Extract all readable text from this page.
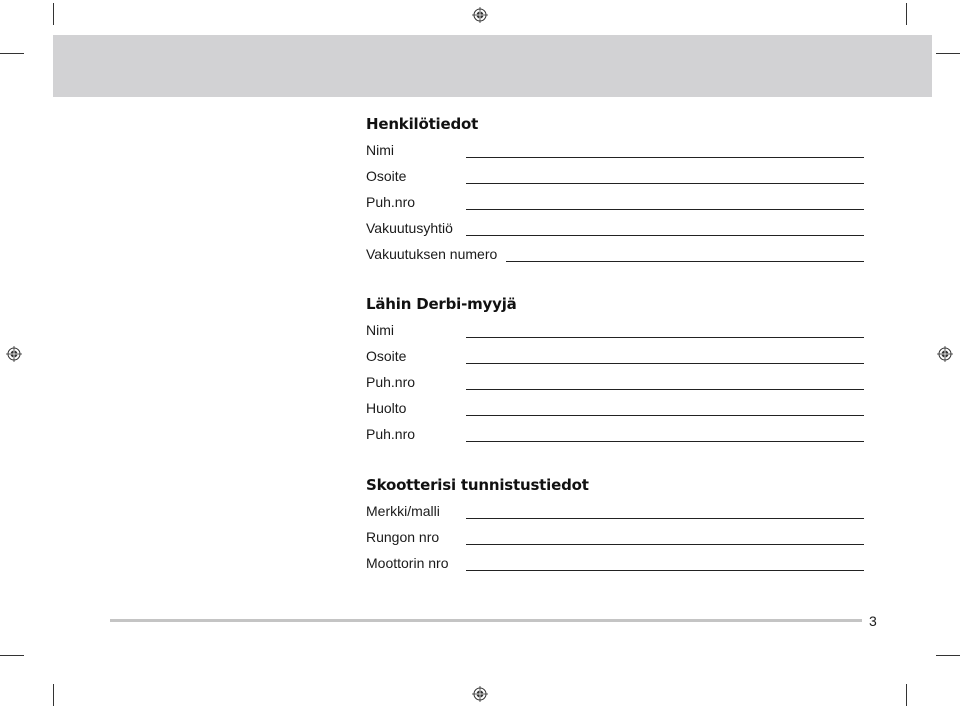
Henkilötiedot
Nimi
Osoite
Puh.nro
Vakuutusyhtiö
Vakuutuksen numero
Lähin Derbi-myyjä
Nimi
Osoite
Puh.nro
Huolto
Puh.nro
Skootterisi tunnistustiedot
Merkki/malli
Rungon nro
Moottorin nro
3
